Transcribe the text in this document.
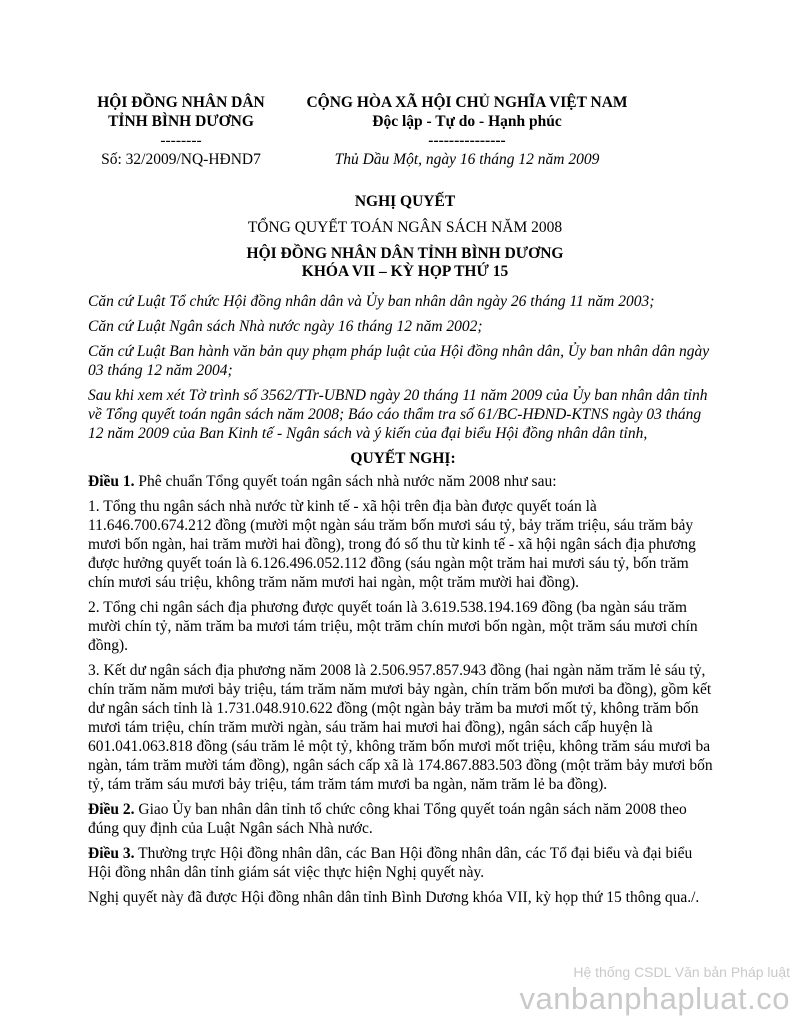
HỘI ĐỒNG NHÂN DÂN
TỈNH BÌNH DƯƠNG
--------
CỘNG HÒA XÃ HỘI CHỦ NGHĨA VIỆT NAM
Độc lập - Tự do - Hạnh phúc
---------------
Số: 32/2009/NQ-HĐND7	Thủ Dầu Một, ngày 16 tháng 12 năm 2009
NGHỊ QUYẾT
TỔNG QUYẾT TOÁN NGÂN SÁCH NĂM 2008
HỘI ĐỒNG NHÂN DÂN TỈNH BÌNH DƯƠNG
KHÓA VII – KỲ HỌP THỨ 15

Căn cứ Luật Tổ chức Hội đồng nhân dân và Ủy ban nhân dân ngày 26 tháng 11 năm 2003;

Căn cứ Luật Ngân sách Nhà nước ngày 16 tháng 12 năm 2002;

Căn cứ Luật Ban hành văn bản quy phạm pháp luật của Hội đồng nhân dân, Ủy ban nhân dân ngày 03 tháng 12 năm 2004;

Sau khi xem xét Tờ trình số 3562/TTr-UBND ngày 20 tháng 11 năm 2009 của Ủy ban nhân dân tỉnh về Tổng quyết toán ngân sách năm 2008; Báo cáo thẩm tra số 61/BC-HĐND-KTNS ngày 03 tháng 12 năm 2009 của Ban Kinh tế - Ngân sách và ý kiến của đại biểu Hội đồng nhân dân tỉnh,

QUYẾT NGHỊ:

Điều 1. Phê chuẩn Tổng quyết toán ngân sách nhà nước năm 2008 như sau:

1. Tổng thu ngân sách nhà nước từ kinh tế - xã hội trên địa bàn được quyết toán là 11.646.700.674.212 đồng (mười một ngàn sáu trăm bốn mươi sáu tỷ, bảy trăm triệu, sáu trăm bảy mươi bốn ngàn, hai trăm mười hai đồng), trong đó số thu từ kinh tế - xã hội ngân sách địa phương được hưởng quyết toán là 6.126.496.052.112 đồng (sáu ngàn một trăm hai mươi sáu tỷ, bốn trăm chín mươi sáu triệu, không trăm năm mươi hai ngàn, một trăm mười hai đồng).

2. Tổng chi ngân sách địa phương được quyết toán là 3.619.538.194.169 đồng (ba ngàn sáu trăm mười chín tỷ, năm trăm ba mươi tám triệu, một trăm chín mươi bốn ngàn, một trăm sáu mươi chín đồng).

3. Kết dư ngân sách địa phương năm 2008 là 2.506.957.857.943 đồng (hai ngàn năm trăm lẻ sáu tỷ, chín trăm năm mươi bảy triệu, tám trăm năm mươi bảy ngàn, chín trăm bốn mươi ba đồng), gồm kết dư ngân sách tỉnh là 1.731.048.910.622 đồng (một ngàn bảy trăm ba mươi mốt tỷ, không trăm bốn mươi tám triệu, chín trăm mười ngàn, sáu trăm hai mươi hai đồng), ngân sách cấp huyện là 601.041.063.818 đồng (sáu trăm lẻ một tỷ, không trăm bốn mươi mốt triệu, không trăm sáu mươi ba ngàn, tám trăm mười tám đồng), ngân sách cấp xã là 174.867.883.503 đồng (một trăm bảy mươi bốn tỷ, tám trăm sáu mươi bảy triệu, tám trăm tám mươi ba ngàn, năm trăm lẻ ba đồng).

Điều 2. Giao Ủy ban nhân dân tỉnh tổ chức công khai Tổng quyết toán ngân sách năm 2008 theo đúng quy định của Luật Ngân sách Nhà nước.

Điều 3. Thường trực Hội đồng nhân dân, các Ban Hội đồng nhân dân, các Tổ đại biểu và đại biểu Hội đồng nhân dân tỉnh giám sát việc thực hiện Nghị quyết này.

Nghị quyết này đã được Hội đồng nhân dân tỉnh Bình Dương khóa VII, kỳ họp thứ 15 thông qua./.

Hệ thống CSDL Văn bản Pháp luật
vanbanphapluat.co
